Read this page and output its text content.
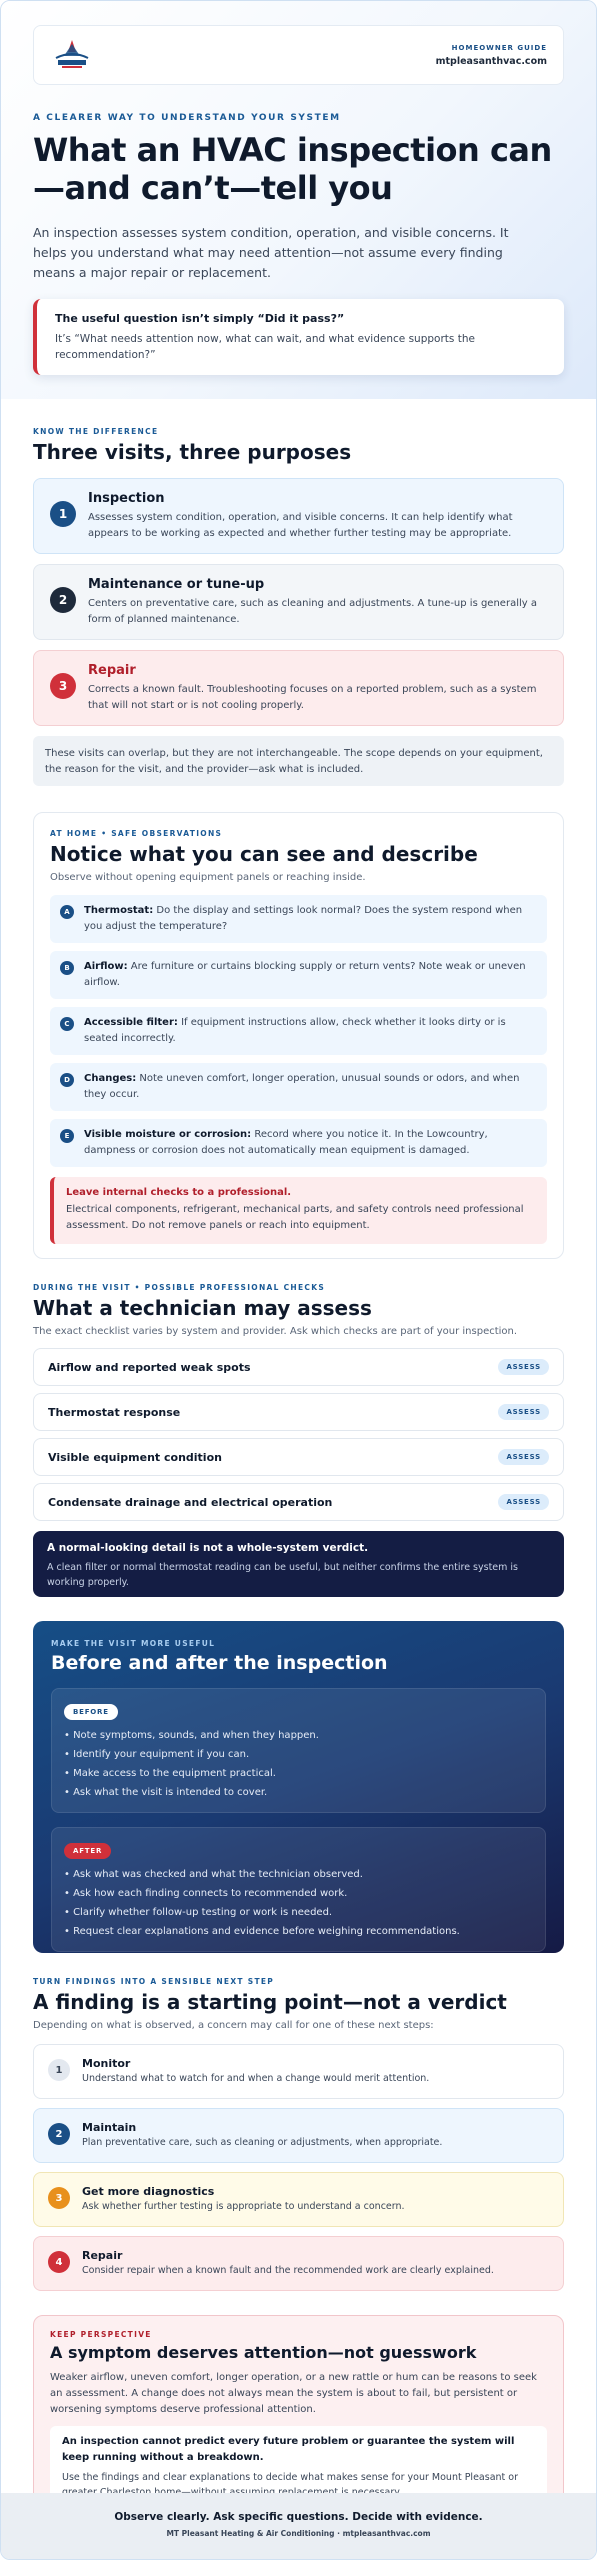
HOMEOWNER GUIDE
mtpleasanthvac.com
A CLEARER WAY TO UNDERSTAND YOUR SYSTEM
What an HVAC inspection can—and can’t—tell you
An inspection assesses system condition, operation, and visible concerns. It helps you understand what may need attention—not assume every finding means a major repair or replacement.
The useful question isn’t simply “Did it pass?”
It’s “What needs attention now, what can wait, and what evidence supports the recommendation?”
KNOW THE DIFFERENCE
Three visits, three purposes
1
Inspection
Assesses system condition, operation, and visible concerns. It can help identify what appears to be working as expected and whether further testing may be appropriate.
2
Maintenance or tune-up
Centers on preventative care, such as cleaning and adjustments. A tune-up is generally a form of planned maintenance.
3
Repair
Corrects a known fault. Troubleshooting focuses on a reported problem, such as a system that will not start or is not cooling properly.
These visits can overlap, but they are not interchangeable. The scope depends on your equipment, the reason for the visit, and the provider—ask what is included.
AT HOME • SAFE OBSERVATIONS
Notice what you can see and describe
Observe without opening equipment panels or reaching inside.
A	Thermostat: Do the display and settings look normal? Does the system respond when you adjust the temperature?
B	Airflow: Are furniture or curtains blocking supply or return vents? Note weak or uneven airflow.
C	Accessible filter: If equipment instructions allow, check whether it looks dirty or is seated incorrectly.
D	Changes: Note uneven comfort, longer operation, unusual sounds or odors, and when they occur.
E	Visible moisture or corrosion: Record where you notice it. In the Lowcountry, dampness or corrosion does not automatically mean equipment is damaged.
Leave internal checks to a professional.
Electrical components, refrigerant, mechanical parts, and safety controls need professional assessment. Do not remove panels or reach into equipment.
DURING THE VISIT • POSSIBLE PROFESSIONAL CHECKS
What a technician may assess
The exact checklist varies by system and provider. Ask which checks are part of your inspection.
Airflow and reported weak spots	ASSESS
Thermostat response	ASSESS
Visible equipment condition	ASSESS
Condensate drainage and electrical operation	ASSESS
A normal-looking detail is not a whole-system verdict.
A clean filter or normal thermostat reading can be useful, but neither confirms the entire system is working properly.
MAKE THE VISIT MORE USEFUL
Before and after the inspection
BEFORE
• Note symptoms, sounds, and when they happen.
• Identify your equipment if you can.
• Make access to the equipment practical.
• Ask what the visit is intended to cover.
AFTER
• Ask what was checked and what the technician observed.
• Ask how each finding connects to recommended work.
• Clarify whether follow-up testing or work is needed.
• Request clear explanations and evidence before weighing recommendations.
TURN FINDINGS INTO A SENSIBLE NEXT STEP
A finding is a starting point—not a verdict
Depending on what is observed, a concern may call for one of these next steps:
1	Monitor
Understand what to watch for and when a change would merit attention.
2	Maintain
Plan preventative care, such as cleaning or adjustments, when appropriate.
3	Get more diagnostics
Ask whether further testing is appropriate to understand a concern.
4	Repair
Consider repair when a known fault and the recommended work are clearly explained.
KEEP PERSPECTIVE
A symptom deserves attention—not guesswork
Weaker airflow, uneven comfort, longer operation, or a new rattle or hum can be reasons to seek an assessment. A change does not always mean the system is about to fail, but persistent or worsening symptoms deserve professional attention.
An inspection cannot predict every future problem or guarantee the system will keep running without a breakdown.
Use the findings and clear explanations to decide what makes sense for your Mount Pleasant or
Observe clearly. Ask specific questions. Decide with evidence.
MT Pleasant Heating & Air Conditioning · mtpleasanthvac.com
